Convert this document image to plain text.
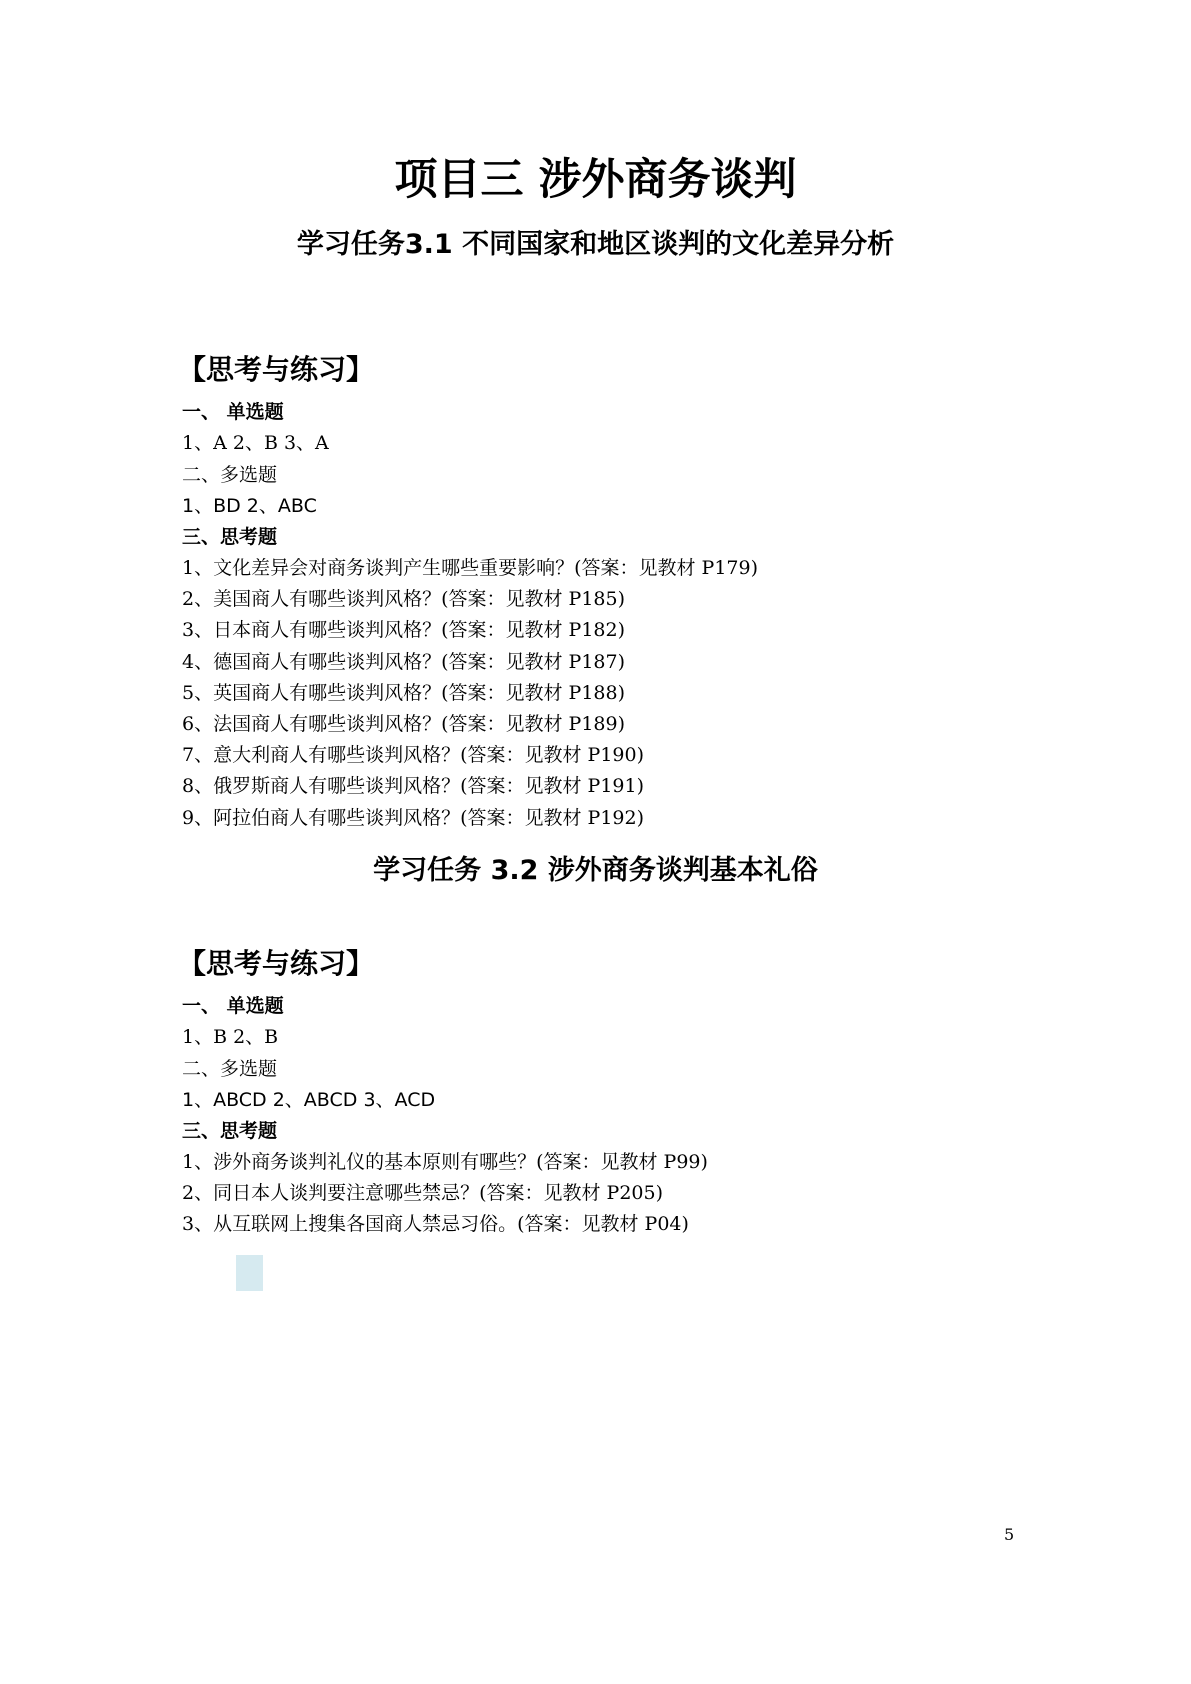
项目三 涉外商务谈判
学习任务3.1 不同国家和地区谈判的文化差异分析
【思考与练习】
一、 单选题
1、A 2、B 3、A
二、多选题
1、BD 2、ABC
三、思考题
1、文化差异会对商务谈判产生哪些重要影响？(答案：见教材 P179)
2、美国商人有哪些谈判风格？(答案：见教材 P185)
3、日本商人有哪些谈判风格？(答案：见教材 P182)
4、德国商人有哪些谈判风格？(答案：见教材 P187)
5、英国商人有哪些谈判风格？(答案：见教材 P188)
6、法国商人有哪些谈判风格？(答案：见教材 P189)
7、意大利商人有哪些谈判风格？(答案：见教材 P190)
8、俄罗斯商人有哪些谈判风格？(答案：见教材 P191)
9、阿拉伯商人有哪些谈判风格？(答案：见教材 P192)
学习任务 3.2 涉外商务谈判基本礼俗
【思考与练习】
一、 单选题
1、B 2、B
二、多选题
1、ABCD 2、ABCD 3、ACD
三、思考题
1、涉外商务谈判礼仪的基本原则有哪些？(答案：见教材 P99)
2、同日本人谈判要注意哪些禁忌？(答案：见教材 P205)
3、从互联网上搜集各国商人禁忌习俗。(答案：见教材 P04)
5
